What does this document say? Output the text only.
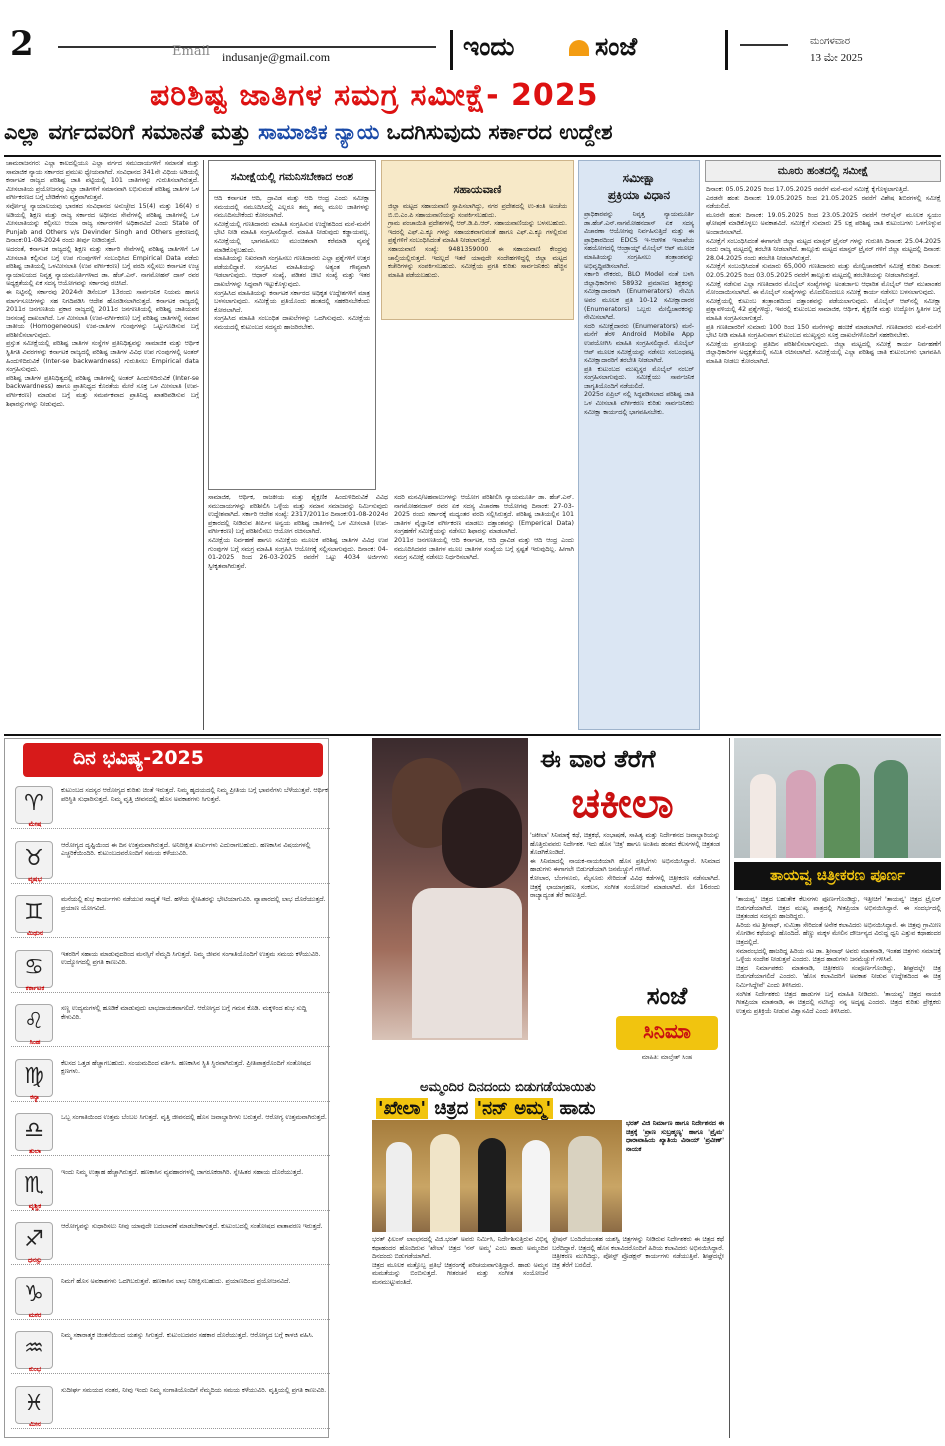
2	Email indusanje@gmail.com	ಇಂದು	ಸಂಜೆ	ಮಂಗಳವಾರ
13 ಮೇ 2025
ಪರಿಶಿಷ್ಟ ಜಾತಿಗಳ ಸಮಗ್ರ ಸಮೀಕ್ಷೆ- 2025
ಎಲ್ಲಾ ವರ್ಗದವರಿಗೆ ಸಮಾನತೆ ಮತ್ತು ಸಾಮಾಜಿಕ ನ್ಯಾಯ ಒದಗಿಸುವುದು ಸರ್ಕಾರದ ಉದ್ದೇಶ
ಚಾಮರಾಜನಗರ: ಎಲ್ಲಾ ಕಾಲದಲ್ಲಿಯೂ ಎಲ್ಲಾ ವರ್ಗದ ಸಮುದಾಯಗಳಿಗೆ ಸಮಾನತೆ ಮತ್ತು ಸಾಮಾಜಿಕ ನ್ಯಾಯ ಸರ್ಕಾರದ ಪ್ರಮುಖ ಧ್ಯೇಯವಾಗಿದೆ. ಸಂವಿಧಾನದ 341ನೇ ವಿಧಿಯ ಅಡಿಯಲ್ಲಿ ಕರ್ನಾಟಕ ರಾಜ್ಯದ ಪರಿಶಿಷ್ಟ ಜಾತಿ ಪಟ್ಟಿಯಲ್ಲಿ 101 ಜಾತಿಗಳನ್ನು ಗುರುತಿಸಲಾಗಿರುತ್ತದೆ. ಮೀಸಲಾತಿಯ ಪ್ರಯೋಜನವು ಎಲ್ಲಾ ಜಾತಿಗಳಿಗೆ ಸಮಾನವಾಗಿ ಲಭಿಸುವಂತೆ ಪರಿಶಿಷ್ಟ ಜಾತಿಗಳ ಒಳ ವರ್ಗೀಕರಣದ ಬಗ್ಗೆ ಬೇಡಿಕೆಗಳು ವ್ಯಕ್ತವಾಗಿರುತ್ತವೆ.
ಸರ್ವೋಚ್ಚ ನ್ಯಾಯಾಲಯವು ಭಾರತದ ಸಂವಿಧಾನದ ಅನುಚ್ಛೇದ 15(4) ಮತ್ತು 16(4) ರ ಅಡಿಯಲ್ಲಿ ಶಿಕ್ಷಣ ಮತ್ತು ರಾಜ್ಯ ಸರ್ಕಾರದ ಅಧೀನದ ಸೇವೆಗಳಲ್ಲಿ ಪರಿಶಿಷ್ಟ ಜಾತಿಗಳಲ್ಲಿ ಒಳ ಮೀಸಲಾತಿಯನ್ನು ಕಲ್ಪಿಸಲು ಆಯಾ ರಾಜ್ಯ ಸರ್ಕಾರಗಳಿಗೆ ಅಧಿಕಾರವಿದೆ ಎಂದು State of Punjab and Others v/s Devinder Singh and Others ಪ್ರಕರಣದಲ್ಲಿ ದಿನಾಂಕ:01-08-2024 ರಂದು ತೀರ್ಪು ನೀಡಿರುತ್ತದೆ.
ಅದರಂತೆ, ಕರ್ನಾಟಕ ರಾಜ್ಯದಲ್ಲಿ ಶಿಕ್ಷಣ ಮತ್ತು ಸರ್ಕಾರಿ ಸೇವೆಗಳಲ್ಲಿ ಪರಿಶಿಷ್ಟ ಜಾತಿಗಳಿಗೆ ಒಳ ಮೀಸಲಾತಿ ಕಲ್ಪಿಸುವ ಬಗ್ಗೆ ಉಪ ಗುಂಪುಗಳಿಗೆ ಸಂಬಂಧಿಸಿದ Empirical Data ಪಡೆದು ಪರಿಶಿಷ್ಟ ಜಾತಿಯಲ್ಲಿ ಒಳಮೀಸಲಾತಿ (ಉಪ ವರ್ಗೀಕರಣ) ಬಗ್ಗೆ ವರದಿ ಸಲ್ಲಿಸಲು ಕರ್ನಾಟಕ ಉಚ್ಛ ನ್ಯಾಯಾಲಯದ ನಿವೃತ್ತ ನ್ಯಾಯಮೂರ್ತಿಗಳಾದ ಡಾ. ಹೆಚ್.ಎನ್. ನಾಗಮೋಹನ್ ದಾಸ್ ರವರ ಅಧ್ಯಕ್ಷತೆಯಲ್ಲಿ ಏಕ ಸದಸ್ಯ ಆಯೋಗವನ್ನು ಸರ್ಕಾರವು ರಚಿಸಿದೆ.
ಈ ನಿಟ್ಟಿನಲ್ಲಿ ಸರ್ಕಾರವು 2024ನೇ ಡಿಸೆಂಬರ್ 13ರಂದು ಸಾರ್ವಜನಿಕ ನಿಯಮ ಹಾಗೂ ಮಾರ್ಗಸೂಚಿಗಳನ್ನು ಸಹ ನಿಗದಿಪಡಿಸಿ ಆದೇಶ ಹೊರಡಿಸಲಾಗಿರುತ್ತದೆ. ಕರ್ನಾಟಕ ರಾಜ್ಯದಲ್ಲಿ 2011ರ ಜನಗಣತಿಯ ಪ್ರಕಾರ ರಾಜ್ಯದಲ್ಲಿ 2011ರ ಜನಗಣತಿಯಲ್ಲಿ ಪರಿಶಿಷ್ಟ ಜಾತಿಯವರ ಜನಸಂಖ್ಯೆ ದಾಖಲಾಗಿದೆ. ಒಳ ಮೀಸಲಾತಿ (ಉಪ-ವರ್ಗೀಕರಣ) ಬಗ್ಗೆ ಪರಿಶಿಷ್ಟ ಜಾತಿಗಳಲ್ಲಿ ಸಮಾನ ಜಾತೀಯ (Homogeneous) ಉಪ-ಜಾತಿಗಳ ಗುಂಪುಗಳನ್ನು ಒಟ್ಟುಗೂಡಿಸುವ ಬಗ್ಗೆ ಪರಿಶೀಲಿಸಲಾಗುವುದು.
ಪ್ರಸ್ತುತ ಸಮೀಕ್ಷೆಯಲ್ಲಿ ಪರಿಶಿಷ್ಟ ಜಾತಿಗಳ ಸಂಸ್ಥೆಗಳ ಪ್ರತಿನಿಧಿತ್ವವನ್ನು ಸಾಮಾಜಿಕ ಮತ್ತು ಆರ್ಥಿಕ ಸ್ಥಿತಿಗತಿ ವಿವರಗಳನ್ನು ಕರ್ನಾಟಕ ರಾಜ್ಯದಲ್ಲಿ ಪರಿಶಿಷ್ಟ ಜಾತಿಗಳ ವಿವಿಧ ಉಪ ಗುಂಪುಗಳಲ್ಲಿ ಅಂತರ್ ಹಿಂದುಳಿದಿರುವಿಕೆ (Inter-se backwardness) ಗುರುತಿಸಲು Empirical data ಸಂಗ್ರಹಿಸುವುದು.
ಪರಿಶಿಷ್ಟ ಜಾತಿಗಳ ಪ್ರತಿನಿಧಿತ್ವದಲ್ಲಿ ಪರಿಶಿಷ್ಟ ಜಾತಿಗಳಲ್ಲಿ ಅಂತರ್ ಹಿಂದುಳಿದಿರುವಿಕೆ (Inter-se backwardness) ಹಾಗೂ ಪ್ರಾತಿನಿಧ್ಯದ ಕೊರತೆಯ ಮೇರೆ ಸೂಕ್ತ ಒಳ ಮೀಸಲಾತಿ (ಉಪ-ವರ್ಗೀಕರಣ) ಮಾಡುವ ಬಗ್ಗೆ ಮತ್ತು ಸಮರ್ಪಕವಾದ ಪ್ರಾತಿನಿಧ್ಯ ಖಾತರಿಪಡಿಸುವ ಬಗ್ಗೆ ಶಿಫಾರಸ್ಸುಗಳನ್ನು ನೀಡುವುದು.
ಸಮೀಕ್ಷೆಯಲ್ಲಿ ಗಮನಿಸಬೇಕಾದ ಅಂಶ
ಆದಿ ಕರ್ನಾಟಕ ಆದಿ, ದ್ರಾವಿಡ ಮತ್ತು ಆದಿ ಆಂಧ್ರ ಎಂದು ಸಮೀಕ್ಷಾ ಸಮಯದಲ್ಲಿ ನಮೂದಿಸಿದಲ್ಲಿ ಎಲ್ಲರೂ ತಮ್ಮ ತಮ್ಮ ಮೂಲ ಜಾತಿಗಳನ್ನು ನಮೂದಿಸಬೇಕೆಂದು ಕೋರಲಾಗಿದೆ.
ಸಮೀಕ್ಷೆಯಲ್ಲಿ ಗಣತಿದಾರರು ಮಾಹಿತಿ ಸಂಗ್ರಹಿಸುವ ಉದ್ದೇಶದಿಂದ ಮನೆ-ಮನೆಗೆ ಭೇಟಿ ನೀಡಿ ಮಾಹಿತಿ ಸಂಗ್ರಹಿಸಲಿದ್ದಾರೆ. ಮಾಹಿತಿ ನೀಡುವುದು ಕಡ್ಡಾಯವಲ್ಲ. ಸಮೀಕ್ಷೆಯಲ್ಲಿ ಭಾಗವಹಿಸಲು ಮುಂಚಿತವಾಗಿ ಕರೆಮಾಡಿ ವ್ಯವಸ್ಥೆ ಮಾಡಿಕೊಳ್ಳಬಹುದು.
ಮಾಹಿತಿಯನ್ನು ನಿಖರವಾಗಿ ಸಂಗ್ರಹಿಸಲು ಗಣತಿದಾರರು ಎಲ್ಲಾ ಪ್ರಶ್ನೆಗಳಿಗೆ ಉತ್ತರ ಪಡೆಯಲಿದ್ದಾರೆ. ಸಂಗ್ರಹಿಸಿದ ಮಾಹಿತಿಯನ್ನು ಅತ್ಯಂತ ಗೌಪ್ಯವಾಗಿ ಇಡಲಾಗುವುದು. ಆಧಾರ್ ಸಂಖ್ಯೆ, ಪಡಿತರ ಚೀಟಿ ಸಂಖ್ಯೆ ಮತ್ತು ಇತರ ದಾಖಲೆಗಳನ್ನು ಸಿದ್ಧವಾಗಿ ಇಟ್ಟುಕೊಳ್ಳುವುದು.
ಸಂಗ್ರಹಿಸಿದ ಮಾಹಿತಿಯನ್ನು ಕರ್ನಾಟಕ ಸರ್ಕಾರದ ಅಧಿಕೃತ ಉದ್ದೇಶಗಳಿಗೆ ಮಾತ್ರ ಬಳಸಲಾಗುವುದು. ಸಮೀಕ್ಷೆಯ ಪ್ರತಿಯೊಂದು ಹಂತದಲ್ಲಿ ಸಹಕರಿಸಬೇಕೆಂದು ಕೋರಲಾಗಿದೆ.
ಸಂಗ್ರಹಿಸಿದ ಮಾಹಿತಿ ಸಂಬಂಧಿತ ದಾಖಲೆಗಳನ್ನು ಒದಗಿಸುವುದು. ಸಮೀಕ್ಷೆಯ ಸಮಯದಲ್ಲಿ ಕುಟುಂಬದ ಸದಸ್ಯರು ಹಾಜರಿರಬೇಕು.
ಸಹಾಯವಾಣಿ
ಜಿಲ್ಲಾ ಮಟ್ಟದ ಸಹಾಯವಾಣಿ ಸ್ಥಾಪಿಸಲಾಗಿದ್ದು, ನಗರ ಪ್ರದೇಶದಲ್ಲಿ ಉ-ತಂತಿ ಅಂಚೆಯ ಬಿ.ಬಿ.ಎಂ.ಪಿ ಸಹಾಯವಾಣಿಯನ್ನು ಸಂಪರ್ಕಿಸಬಹುದು.
ಗ್ರಾಮ ಪಂಚಾಯಿತಿ ಪ್ರದೇಶಗಳಲ್ಲಿ ಆರ್.ಡಿ.ಪಿ.ಆರ್. ಸಹಾಯವಾಣಿಯನ್ನು ಬಳಸಬಹುದು. ಇದರಲ್ಲಿ ಎಫ್.ಎ.ಕ್ಯೂ ಗಳನ್ನು ಸಹಾಯಕವಾಗುವಂತೆ ಹಾಗೂ ಎಫ್.ಎ.ಕ್ಯೂ ಗಳಲ್ಲಿರುವ ಪ್ರಶ್ನೆಗಳಿಗೆ ಸಂಬಂಧಿಸಿದಂತೆ ಮಾಹಿತಿ ನೀಡಲಾಗುತ್ತದೆ.
ಸಹಾಯವಾಣಿ ಸಂಖ್ಯೆ: 9481359000 ಈ ಸಹಾಯವಾಣಿ ಕೇಂದ್ರವು ಚಾಲ್ತಿಯಲ್ಲಿರುತ್ತದೆ. ಇದಲ್ಲದೆ ಇತರೆ ಯಾವುದೇ ಸಂದೇಹಗಳಿದ್ದಲ್ಲಿ ಜಿಲ್ಲಾ ಮಟ್ಟದ ಕಚೇರಿಗಳನ್ನು ಸಂಪರ್ಕಿಸಬಹುದು. ಸಮೀಕ್ಷೆಯ ಪ್ರಗತಿ ಕುರಿತು ಸಾರ್ವಜನಿಕರು ಹೆಚ್ಚಿನ ಮಾಹಿತಿ ಪಡೆಯಬಹುದು.
ಸಮೀಕ್ಷಾ
ಪ್ರಕ್ರಿಯಾ ವಿಧಾನ
ಪ್ರಾಧಿಕಾರವನ್ನು ನಿವೃತ್ತ ನ್ಯಾಯಮೂರ್ತಿ ಡಾ.ಹೆಚ್.ಎನ್.ನಾಗಮೋಹನದಾಸ್ ಏಕ ಸದಸ್ಯ ವಿಚಾರಣಾ ಆಯೋಗವು ನಿರ್ವಹಿಸುತ್ತಿದೆ ಮತ್ತು ಈ ಪ್ರಾಧಿಕಾರದಿಂದ EDCS ಇ-ಆಡಳಿತ ಇಲಾಖೆಯ ಸಹಯೋಗದಲ್ಲಿ ಆಂಡ್ರಾಯ್ಡ್ ಮೊಬೈಲ್ ಆಪ್ ಮೂಲಕ ಮಾಹಿತಿಯನ್ನು ಸಂಗ್ರಹಿಸಲು ತಂತ್ರಾಂಶವನ್ನು ಅಭಿವೃದ್ಧಿಪಡಿಸಲಾಗಿದೆ.
ಸರ್ಕಾರಿ ನೌಕರರು, BLO Model ನಂತೆ ಬಳಸಿ ಜಿಲ್ಲಾಧಿಕಾರಿಗಳು 58932 ಪ್ರಮಾಣದ ಶಿಕ್ಷಕರನ್ನು ಸಮೀಕ್ಷಾದಾರರಾಗಿ (Enumerators) ನೇಮಿಸಿ ಅವರ ಮೂಲಕ ಪ್ರತಿ 10-12 ಸಮೀಕ್ಷಾದಾರರ (Enumerators) ಒಬ್ಬರು ಮೇಲ್ವಿಚಾರಕರನ್ನು ನೇಮಿಸಲಾಗಿದೆ.
ಸದರಿ ಸಮೀಕ್ಷೆದಾರರು (Enumerators) ಮನೆ-ಮನೆಗೆ ತೆರಳಿ Android Mobile App ಉಪಯೋಗಿಸಿ ಮಾಹಿತಿ ಸಂಗ್ರಹಿಸಲಿದ್ದಾರೆ. ಮೊಬೈಲ್ ಆಪ್ ಮೂಲಕ ಸಮೀಕ್ಷೆಯನ್ನು ನಡೆಸಲು ಸಂಬಂಧಪಟ್ಟ ಸಮೀಕ್ಷಾದಾರರಿಗೆ ತರಬೇತಿ ನೀಡಲಾಗಿದೆ.
ಪ್ರತಿ ಕುಟುಂಬದ ಮುಖ್ಯಸ್ಥರ ಮೊಬೈಲ್ ನಂಬರ್ ಸಂಗ್ರಹಿಸಲಾಗುವುದು. ಸಮೀಕ್ಷೆಯು ಸಾರ್ವಜನಿಕ ಜಾಗೃತಿಯೊಂದಿಗೆ ನಡೆಯಲಿದೆ.
2025ರ ಏಪ್ರಿಲ್ ನಲ್ಲಿ ಸಿದ್ಧಪಡಿಸಲಾದ ಪರಿಶಿಷ್ಟ ಜಾತಿ ಒಳ ಮೀಸಲಾತಿ ವರ್ಗೀಕರಣ ಕುರಿತು ಸಾರ್ವಜನಿಕರು ಸಮೀಕ್ಷಾ ಕಾರ್ಯದಲ್ಲಿ ಭಾಗವಹಿಸಬೇಕು.
ಸಾಮಾಜಿಕ, ಆರ್ಥಿಕ, ರಾಜಕೀಯ ಮತ್ತು ಶೈಕ್ಷಣಿಕ ಹಿಂದುಳಿದಿರುವಿಕೆ ವಿವಿಧ ಸಮುದಾಯಗಳನ್ನು ಪರಿಶೀಲಿಸಿ ಒಳ್ಳೆಯ ಮತ್ತು ಸಮಾನ ಸಮಾಜವನ್ನು ನಿರ್ಮಿಸುವುದು ಉದ್ದೇಶವಾಗಿದೆ. ಸರ್ಕಾರಿ ಆದೇಶ ಸಂಖ್ಯೆ: 2317/2011ರ ದಿನಾಂಕ:01-08-2024ರ ಪ್ರಕಾರದಲ್ಲಿ ನೀಡಿರುವ ತೀರ್ಪಿನ ಅನ್ವಯ ಪರಿಶಿಷ್ಟ ಜಾತಿಗಳಲ್ಲಿ ಒಳ ಮೀಸಲಾತಿ (ಉಪ-ವರ್ಗೀಕರಣ) ಬಗ್ಗೆ ಪರಿಶೀಲಿಸಲು ಆಯೋಗ ರಚಿಸಲಾಗಿದೆ.
ಸಮೀಕ್ಷೆಯ ನಿರ್ವಹಣೆ ಹಾಗೂ ಸಮೀಕ್ಷೆಯ ಮೂಲಕ ಪರಿಶಿಷ್ಟ ಜಾತಿಗಳ ವಿವಿಧ ಉಪ ಗುಂಪುಗಳ ಬಗ್ಗೆ ಸಮಗ್ರ ಮಾಹಿತಿ ಸಂಗ್ರಹಿಸಿ ಆಯೋಗಕ್ಕೆ ಸಲ್ಲಿಸಲಾಗುವುದು. ದಿನಾಂಕ: 04-01-2025 ರಿಂದ 26-03-2025 ರವರೆಗೆ ಒಟ್ಟು 4034 ಅರ್ಜಿಗಳು ಸ್ವೀಕೃತವಾಗಿರುತ್ತವೆ.
ಸದರಿ ಮನವಿ/ಅಹವಾಲುಗಳನ್ನು ಆಯೋಗ ಪರಿಶೀಲಿಸಿ ನ್ಯಾಯಮೂರ್ತಿ ಡಾ. ಹೆಚ್.ಎನ್. ನಾಗಮೋಹನದಾಸ್ ರವರ ಏಕ ಸದಸ್ಯ ವಿಚಾರಣಾ ಆಯೋಗವು ದಿನಾಂಕ: 27-03-2025 ರಂದು ಸರ್ಕಾರಕ್ಕೆ ಮಧ್ಯಂತರ ವರದಿ ಸಲ್ಲಿಸಿರುತ್ತದೆ. ಪರಿಶಿಷ್ಟ ಜಾತಿಯಲ್ಲಿನ 101 ಜಾತಿಗಳ ವೈಜ್ಞಾನಿಕ ವರ್ಗೀಕರಣ ಮಾಡಲು ದತ್ತಾಂಶವನ್ನು (Emperical Data) ಸಂಗ್ರಹಣೆಗೆ ಸಮೀಕ್ಷೆಯನ್ನು ನಡೆಸಲು ಶಿಫಾರಸ್ಸು ಮಾಡಲಾಗಿದೆ.
2011ರ ಜನಗಣತಿಯಲ್ಲಿ ಆದಿ ಕರ್ನಾಟಕ, ಆದಿ ದ್ರಾವಿಡ ಮತ್ತು ಆದಿ ಆಂಧ್ರ ಎಂದು ನಮೂದಿಸಿದವರ ಜಾತಿಗಳ ಮೂಲ ಜಾತಿಗಳ ಸಂಖ್ಯೆಯ ಬಗ್ಗೆ ಸ್ಪಷ್ಟತೆ ಇರುವುದಿಲ್ಲ. ಹೀಗಾಗಿ ಸಮಗ್ರ ಸಮೀಕ್ಷೆ ನಡೆಸಲು ನಿರ್ಧರಿಸಲಾಗಿದೆ.
ಮೂರು ಹಂತದಲ್ಲಿ ಸಮೀಕ್ಷೆ
ದಿನಾಂಕ: 05.05.2025 ರಿಂದ 17.05.2025 ರವರೆಗೆ ಮನೆ-ಮನೆ ಸಮೀಕ್ಷೆ ಕೈಗೊಳ್ಳಲಾಗುತ್ತಿದೆ.
ಎರಡನೇ ಹಂತ: ದಿನಾಂಕ: 19.05.2025 ರಿಂದ 21.05.2025 ರವರೆಗೆ ವಿಶೇಷ ಶಿಬಿರಗಳಲ್ಲಿ ಸಮೀಕ್ಷೆ ನಡೆಯಲಿದೆ.
ಮೂರನೇ ಹಂತ: ದಿನಾಂಕ: 19.05.2025 ರಿಂದ 23.05.2025 ರವರೆಗೆ ಆನ್‌ಲೈನ್ ಮೂಲಕ ಸ್ವಯಂ ಘೋಷಣೆ ಮಾಡಿಕೊಳ್ಳಲು ಅವಕಾಶವಿದೆ. ಸಮೀಕ್ಷೆಗೆ ಸುಮಾರು 25 ಲಕ್ಷ ಪರಿಶಿಷ್ಟ ಜಾತಿ ಕುಟುಂಬಗಳು ಒಳಗೊಳ್ಳುವ ಅಂದಾಜಿಸಲಾಗಿದೆ.
ಸಮೀಕ್ಷೆಗೆ ಸಂಬಂಧಿಸಿದಂತೆ ಈಗಾಗಲೇ ಜಿಲ್ಲಾ ಮಟ್ಟದ ಮಾಸ್ಟರ್ ಟ್ರೈನರ್ ಗಳನ್ನು ಗುರುತಿಸಿ ದಿನಾಂಕ: 25.04.2025 ರಂದು ರಾಜ್ಯ ಮಟ್ಟದಲ್ಲಿ ತರಬೇತಿ ನೀಡಲಾಗಿದೆ. ತಾಲ್ಲೂಕು ಮಟ್ಟದ ಮಾಸ್ಟರ್ ಟ್ರೈನರ್ ಗಳಿಗೆ ಜಿಲ್ಲಾ ಮಟ್ಟದಲ್ಲಿ ದಿನಾಂಕ: 28.04.2025 ರಂದು ತರಬೇತಿ ನೀಡಲಾಗಿರುತ್ತದೆ.
ಸಮೀಕ್ಷೆಗೆ ಸಂಬಂಧಿಸಿದಂತೆ ಸುಮಾರು 65,000 ಗಣತಿದಾರರು ಮತ್ತು ಮೇಲ್ವಿಚಾರಕರಿಗೆ ಸಮೀಕ್ಷೆ ಕುರಿತು ದಿನಾಂಕ: 02.05.2025 ರಿಂದ 03.05.2025 ರವರೆಗೆ ತಾಲ್ಲೂಕು ಮಟ್ಟದಲ್ಲಿ ತರಬೇತಿಯನ್ನು ನೀಡಲಾಗಿರುತ್ತದೆ.
ಸಮೀಕ್ಷೆ ನಡೆಸುವ ಎಲ್ಲಾ ಗಣತಿದಾರರ ಮೊಬೈಲ್ ಸಂಖ್ಯೆಗಳನ್ನು ಅಂತರ್ಜಾಲ ಆಧಾರಿತ ಮೊಬೈಲ್ ಆಪ್ ಮುಖಾಂತರ ನೋಂದಾಯಿಸಲಾಗಿದೆ. ಈ ಮೊಬೈಲ್ ಸಂಖ್ಯೆಗಳನ್ನು ಮೊದಲಿನಿಂದಲೂ ಸಮೀಕ್ಷೆ ಕಾರ್ಯ ನಡೆಸಲು ಬಳಸಲಾಗುವುದು.
ಸಮೀಕ್ಷೆಯಲ್ಲಿ ಕುಟುಂಬ ತಂತ್ರಾಂಶದಿಂದ ದತ್ತಾಂಶವನ್ನು ಪಡೆಯಲಾಗುವುದು. ಮೊಬೈಲ್ ಆಪ್‌ನಲ್ಲಿ ಸಮೀಕ್ಷಾ ಪ್ರಶ್ನಾವಳಿಯಲ್ಲಿ 42 ಪ್ರಶ್ನೆಗಳಿದ್ದು, ಇವರಲ್ಲಿ ಕುಟುಂಬದ ಸಾಮಾಜಿಕ, ಆರ್ಥಿಕ, ಶೈಕ್ಷಣಿಕ ಮತ್ತು ಉದ್ಯೋಗ ಸ್ಥಿತಿಗಳ ಬಗ್ಗೆ ಮಾಹಿತಿ ಸಂಗ್ರಹಿಸಲಾಗುತ್ತದೆ.
ಪ್ರತಿ ಗಣತಿದಾರರಿಗೆ ಸುಮಾರು 100 ರಿಂದ 150 ಮನೆಗಳನ್ನು ಹಂಚಿಕೆ ಮಾಡಲಾಗಿದೆ. ಗಣತಿದಾರರು ಮನೆ-ಮನೆಗೆ ಭೇಟಿ ನೀಡಿ ಮಾಹಿತಿ ಸಂಗ್ರಹಿಸುವಾಗ ಕುಟುಂಬದ ಮುಖ್ಯಸ್ಥರು ಸೂಕ್ತ ದಾಖಲೆಗಳೊಂದಿಗೆ ಸಹಕರಿಸಬೇಕು.
ಸಮೀಕ್ಷೆಯ ಪ್ರಗತಿಯನ್ನು ಪ್ರತಿದಿನ ಪರಿಶೀಲಿಸಲಾಗುವುದು. ಜಿಲ್ಲಾ ಮಟ್ಟದಲ್ಲಿ ಸಮೀಕ್ಷೆ ಕಾರ್ಯ ನಿರ್ವಹಣೆಗೆ ಜಿಲ್ಲಾಧಿಕಾರಿಗಳ ಅಧ್ಯಕ್ಷತೆಯಲ್ಲಿ ಸಮಿತಿ ರಚಿಸಲಾಗಿದೆ. ಸಮೀಕ್ಷೆಯಲ್ಲಿ ಎಲ್ಲಾ ಪರಿಶಿಷ್ಟ ಜಾತಿ ಕುಟುಂಬಗಳು ಭಾಗವಹಿಸಿ ಮಾಹಿತಿ ನೀಡಲು ಕೋರಲಾಗಿದೆ.
ದಿನ ಭವಿಷ್ಯ-2025
♈
ಮೇಷ
ಕುಟುಂಬದ ಸದಸ್ಯರ ಆರೋಗ್ಯದ ಕುರಿತು ಚಿಂತೆ ಇರುತ್ತದೆ. ನಿಮ್ಮ ಹೃದಯದಲ್ಲಿ ನಿಮ್ಮ ಪ್ರೀತಿಯ ಬಗ್ಗೆ ಭಾವನೆಗಳು ಬೆಳೆಯುತ್ತವೆ. ಆರ್ಥಿಕ ಪರಿಸ್ಥಿತಿ ಸುಧಾರಿಸುತ್ತದೆ. ನಿಮ್ಮ ವೃತ್ತಿ ಜೀವನದಲ್ಲಿ ಹೊಸ ಅವಕಾಶಗಳು ಸಿಗುತ್ತವೆ.
♉
ವೃಷಭ
ಆರೋಗ್ಯದ ದೃಷ್ಟಿಯಿಂದ ಈ ದಿನ ಉತ್ತಮವಾಗಿರುತ್ತದೆ. ಅನಿರೀಕ್ಷಿತ ಖರ್ಚುಗಳು ಎದುರಾಗಬಹುದು. ಹಣಕಾಸಿನ ವಿಷಯಗಳಲ್ಲಿ ಎಚ್ಚರಿಕೆಯಿಂದಿರಿ. ಕುಟುಂಬದವರೊಂದಿಗೆ ಸಮಯ ಕಳೆಯುವಿರಿ.
♊
ಮಿಥುನ
ಮನೆಯಲ್ಲಿ ಶುಭ ಕಾರ್ಯಗಳು ನಡೆಯುವ ಸಾಧ್ಯತೆ ಇದೆ. ಹಳೆಯ ಸ್ನೇಹಿತರನ್ನು ಭೇಟಿಯಾಗುವಿರಿ. ವ್ಯಾಪಾರದಲ್ಲಿ ಲಾಭ ದೊರೆಯುತ್ತದೆ. ಪ್ರಯಾಣ ಯೋಗವಿದೆ.
♋
ಕರ್ಕಾಟಕ
ಇತರರಿಗೆ ಸಹಾಯ ಮಾಡುವುದರಿಂದ ಮನಸ್ಸಿಗೆ ನೆಮ್ಮದಿ ಸಿಗುತ್ತದೆ. ನಿಮ್ಮ ಜೀವನ ಸಂಗಾತಿಯೊಂದಿಗೆ ಉತ್ತಮ ಸಮಯ ಕಳೆಯುವಿರಿ. ಉದ್ಯೋಗದಲ್ಲಿ ಪ್ರಗತಿ ಕಾಣುವಿರಿ.
♌
ಸಿಂಹ
ಸಣ್ಣ ಉದ್ಯಮಗಳಲ್ಲಿ ಹೂಡಿಕೆ ಮಾಡುವುದು ಲಾಭದಾಯಕವಾಗಲಿದೆ. ಆರೋಗ್ಯದ ಬಗ್ಗೆ ಗಮನ ಕೊಡಿ. ಮಕ್ಕಳಿಂದ ಶುಭ ಸುದ್ದಿ ಕೇಳುವಿರಿ.
♍
ಕನ್ಯಾ
ಕೆಲಸದ ಒತ್ತಡ ಹೆಚ್ಚಾಗಬಹುದು. ಸಂಯಮದಿಂದ ವರ್ತಿಸಿ. ಹಣಕಾಸಿನ ಸ್ಥಿತಿ ಸ್ಥಿರವಾಗಿರುತ್ತದೆ. ಪ್ರೀತಿಪಾತ್ರರೊಂದಿಗೆ ಸಂತೋಷದ ಕ್ಷಣಗಳು.
♎
ತುಲಾ
ಒಬ್ಬ ಸಂಗಾತಿಯಿಂದ ಉತ್ತಮ ಬೆಂಬಲ ಸಿಗುತ್ತದೆ. ವೃತ್ತಿ ಜೀವನದಲ್ಲಿ ಹೊಸ ಜವಾಬ್ದಾರಿಗಳು ಬರುತ್ತವೆ. ಆರೋಗ್ಯ ಉತ್ತಮವಾಗಿರುತ್ತದೆ.
♏
ವೃಶ್ಚಿಕ
ಇಂದು ನಿಮ್ಮ ಉತ್ಸಾಹ ಹೆಚ್ಚಾಗಿರುತ್ತದೆ. ಹಣಕಾಸಿನ ವ್ಯವಹಾರಗಳಲ್ಲಿ ಜಾಗರೂಕರಾಗಿರಿ. ಸ್ನೇಹಿತರ ಸಹಾಯ ದೊರೆಯುತ್ತದೆ.
♐
ಧನಸ್ಸು
ಆರೋಗ್ಯವನ್ನು ಸುಧಾರಿಸಲು ನೀವು ಯಾವುದೇ ಬದಲಾವಣೆ ಮಾಡಬೇಕಾಗುತ್ತದೆ. ಕುಟುಂಬದಲ್ಲಿ ಸಂತೋಷದ ವಾತಾವರಣ ಇರುತ್ತದೆ.
♑
ಮಕರ
ನಿಮಗೆ ಹೊಸ ಅವಕಾಶಗಳು ಒದಗಿಬರುತ್ತವೆ. ಹಣಕಾಸಿನ ಲಾಭ ನಿರೀಕ್ಷಿಸಬಹುದು. ಪ್ರಯಾಣದಿಂದ ಪ್ರಯೋಜನವಿದೆ.
♒
ಕುಂಭ
ನಿಮ್ಮ ಸಕಾರಾತ್ಮಕ ಚಿಂತನೆಯಿಂದ ಯಶಸ್ಸು ಸಿಗುತ್ತದೆ. ಕುಟುಂಬದವರ ಸಹಕಾರ ದೊರೆಯುತ್ತದೆ. ಆರೋಗ್ಯದ ಬಗ್ಗೆ ಕಾಳಜಿ ವಹಿಸಿ.
♓
ಮೀನ
ಸುದೀರ್ಘ ಸಮಯದ ನಂತರ, ನೀವು ಇಂದು ನಿಮ್ಮ ಸಂಗಾತಿಯೊಂದಿಗೆ ನೆಮ್ಮದಿಯ ಸಮಯ ಕಳೆಯುವಿರಿ. ವೃತ್ತಿಯಲ್ಲಿ ಪ್ರಗತಿ ಕಾಣುವಿರಿ.
ಈ ವಾರ ತೆರೆಗೆ
ಚಕೀಲಾ
'ಚಕೀಲಾ' ಸಿನಿಮಾಕ್ಕೆ ಕಥೆ, ಚಿತ್ರಕಥೆ, ಸಂಭಾಷಣೆ, ಸಾಹಿತ್ಯ ಮತ್ತು ನಿರ್ದೇಶನದ ಜವಾಬ್ದಾರಿಯನ್ನು ಹೊತ್ತಿರುವವರು ನಿರ್ದೇಶಕ. ಇದು ಹೊಸ 'ಚಿತ್ರ' ಹಾಗೂ ಅಂತಿಮ ಹಂತದ ಕೆಲಸಗಳಲ್ಲಿ ಚಿತ್ರತಂಡ ತೊಡಗಿಕೊಂಡಿದೆ.
ಈ ಸಿನಿಮಾದಲ್ಲಿ ನಾಯಕ-ನಾಯಕಿಯಾಗಿ ಹೊಸ ಪ್ರತಿಭೆಗಳು ಅಭಿನಯಿಸಿದ್ದಾರೆ. ಸಿನಿಮಾದ ಹಾಡುಗಳು ಈಗಾಗಲೇ ಬಿಡುಗಡೆಯಾಗಿ ಜನಮೆಚ್ಚುಗೆ ಗಳಿಸಿವೆ.
ಕೋಲಾರ, ಬೆಂಗಳೂರು, ಮೈಸೂರು ಸೇರಿದಂತೆ ವಿವಿಧ ಕಡೆಗಳಲ್ಲಿ ಚಿತ್ರೀಕರಣ ನಡೆಸಲಾಗಿದೆ. ಚಿತ್ರಕ್ಕೆ ಛಾಯಾಗ್ರಹಣ, ಸಂಕಲನ, ಸಂಗೀತ ಸಂಯೋಜನೆ ಮಾಡಲಾಗಿದೆ. ಮೇ 16ರಂದು ರಾಜ್ಯಾದ್ಯಂತ ತೆರೆ ಕಾಣುತ್ತಿದೆ.
ಸಂಜೆ
ಸಿನಿಮಾ
ಮಾಹಿತಿ: ಮಾಲ್ತೇಶ್ ಸಿಂಹ
ಅಮ್ಮಂದಿರ ದಿನದಂದು ಬಿಡುಗಡೆಯಾಯಿತು
'ಖೇಲಾ' ಚಿತ್ರದ 'ನನ್ ಅಮ್ಮ' ಹಾಡು
ಭರತ್ ವಿಜಿ ನಿರ್ಮಾಣ ಹಾಗೂ ನಿರ್ದೇಶನದ ಈ ಚಿತ್ರಕ್ಕೆ 'ಪ್ರಾಣ ಸುಬ್ರಹ್ಮಣ್ಯ' ಹಾಗೂ 'ಪ್ರೈಮ' ಧಾರಾವಾಹಿಯ ಖ್ಯಾತಿಯ ವಿನಾಯ್ 'ಪ್ರವೀಣ್' ನಾಯಕ
ಭರತ್ ಫಿಲಂಸ್ ಲಾಂಛನದಲ್ಲಿ ವಿಜಿ.ಭರತ್ ಅವರು ನಿರ್ಮಿಸಿ, ನಿರ್ದೇಶಿಸುತ್ತಿರುವ ವಿಭಿನ್ನ ಕಥಾಹಂದರ ಹೊಂದಿರುವ 'ಖೇಲಾ' ಚಿತ್ರದ 'ನನ್ ಅಮ್ಮ' ಎಂಬ ಹಾಡು ಅಮ್ಮಂದಿರ ದಿನದಂದು ಬಿಡುಗಡೆಯಾಗಿದೆ.
ಚಿತ್ರದ ಮೂಲಕ ಮತ್ತೊಬ್ಬ ಪ್ರತಿಭೆ ಚಿತ್ರರಂಗಕ್ಕೆ ಪರಿಚಯವಾಗುತ್ತಿದ್ದಾರೆ. ಹಾಡು ಅಮ್ಮನ ಮಮತೆಯನ್ನು ಬಿಂಬಿಸುತ್ತದೆ. ಗೀತರಚನೆ ಮತ್ತು ಸಂಗೀತ ಸಂಯೋಜನೆ ಮನಮುಟ್ಟುವಂತಿದೆ.
ಸ್ಟೇಷನ್ ಬಂದಿದೆಯಂತಹ ಯಶಸ್ವಿ ಚಿತ್ರಗಳನ್ನು ನೀಡಿರುವ ನಿರ್ದೇಶಕರು ಈ ಚಿತ್ರದ ಕಥೆ ಬರೆದಿದ್ದಾರೆ. ಚಿತ್ರದಲ್ಲಿ ಹೊಸ ಕಲಾವಿದರೊಂದಿಗೆ ಹಿರಿಯ ಕಲಾವಿದರು ಅಭಿನಯಿಸಿದ್ದಾರೆ.
ಚಿತ್ರೀಕರಣ ಮುಗಿದಿದ್ದು, ಪೋಸ್ಟ್ ಪ್ರೊಡಕ್ಷನ್ ಕಾರ್ಯಗಳು ನಡೆಯುತ್ತಿವೆ. ಶೀಘ್ರದಲ್ಲೇ ಚಿತ್ರ ತೆರೆಗೆ ಬರಲಿದೆ.
ತಾಯವ್ವ ಚಿತ್ರೀಕರಣ ಪೂರ್ಣ
'ತಾಯವ್ವ' ಚಿತ್ರದ ಬಹುತೇಕ ಕೆಲಸಗಳು ಪೂರ್ಣಗೊಂಡಿದ್ದು, ಇತ್ತೀಚಿಗೆ 'ತಾಯವ್ವ' ಚಿತ್ರದ ಟ್ರೈಲರ್ ಬಿಡುಗಡೆಯಾಗಿದೆ. ಚಿತ್ರದ ಮುಖ್ಯ ಪಾತ್ರದಲ್ಲಿ ಗೀತಪ್ರಿಯಾ ಅಭಿನಯಿಸಿದ್ದಾರೆ. ಈ ಸಂದರ್ಭದಲ್ಲಿ ಚಿತ್ರತಂಡದ ಸದಸ್ಯರು ಹಾಜರಿದ್ದರು.
ಹಿರಿಯ ನಟ ಶ್ರೀನಾಥ್, ಸುಮಿತ್ರಾ ಸೇರಿದಂತೆ ಅನೇಕ ಕಲಾವಿದರು ಅಭಿನಯಿಸಿದ್ದಾರೆ. ಈ ಚಿತ್ರವು ಗ್ರಾಮೀಣ ಸೊಗಡಿನ ಕಥೆಯನ್ನು ಹೊಂದಿದೆ. ಹೆಣ್ಣು ಮಕ್ಕಳ ಮೇಲಿನ ದೌರ್ಜನ್ಯದ ವಿರುದ್ಧ ಧ್ವನಿ ಎತ್ತುವ ಕಥಾಹಂದರ ಚಿತ್ರದಲ್ಲಿದೆ.
ಸಮಾರಂಭದಲ್ಲಿ ಹಾಜರಿದ್ದ ಹಿರಿಯ ನಟ ಡಾ. ಶ್ರೀನಾಥ್ ಅವರು ಮಾತನಾಡಿ, ಇಂತಹ ಚಿತ್ರಗಳು ಸಮಾಜಕ್ಕೆ ಒಳ್ಳೆಯ ಸಂದೇಶ ನೀಡುತ್ತವೆ ಎಂದರು. ಚಿತ್ರದ ಹಾಡುಗಳು ಜನಮೆಚ್ಚುಗೆ ಗಳಿಸಿವೆ.
ಚಿತ್ರದ ನಿರ್ಮಾಪಕರು ಮಾತನಾಡಿ, ಚಿತ್ರೀಕರಣ ಸಂಪೂರ್ಣಗೊಂಡಿದ್ದು, ಶೀಘ್ರದಲ್ಲೇ ಚಿತ್ರ ಬಿಡುಗಡೆಯಾಗಲಿದೆ ಎಂದರು. 'ಹೊಸ ಕಲಾವಿದರಿಗೆ ಅವಕಾಶ ನೀಡುವ ಉದ್ದೇಶದಿಂದ ಈ ಚಿತ್ರ ನಿರ್ಮಿಸಿದ್ದೇವೆ' ಎಂದು ತಿಳಿಸಿದರು.
ಸಂಗೀತ ನಿರ್ದೇಶಕರು ಚಿತ್ರದ ಹಾಡುಗಳ ಬಗ್ಗೆ ಮಾಹಿತಿ ನೀಡಿದರು. 'ತಾಯವ್ವ' ಚಿತ್ರದ ನಾಯಕಿ ಗೀತಪ್ರಿಯಾ ಮಾತನಾಡಿ, ಈ ಚಿತ್ರದಲ್ಲಿ ನಟಿಸಿದ್ದು ನನ್ನ ಅದೃಷ್ಟ ಎಂದರು. ಚಿತ್ರದ ಕುರಿತು ಪ್ರೇಕ್ಷಕರು ಉತ್ತಮ ಪ್ರತಿಕ್ರಿಯೆ ನೀಡುವ ವಿಶ್ವಾಸವಿದೆ ಎಂದು ತಿಳಿಸಿದರು.
